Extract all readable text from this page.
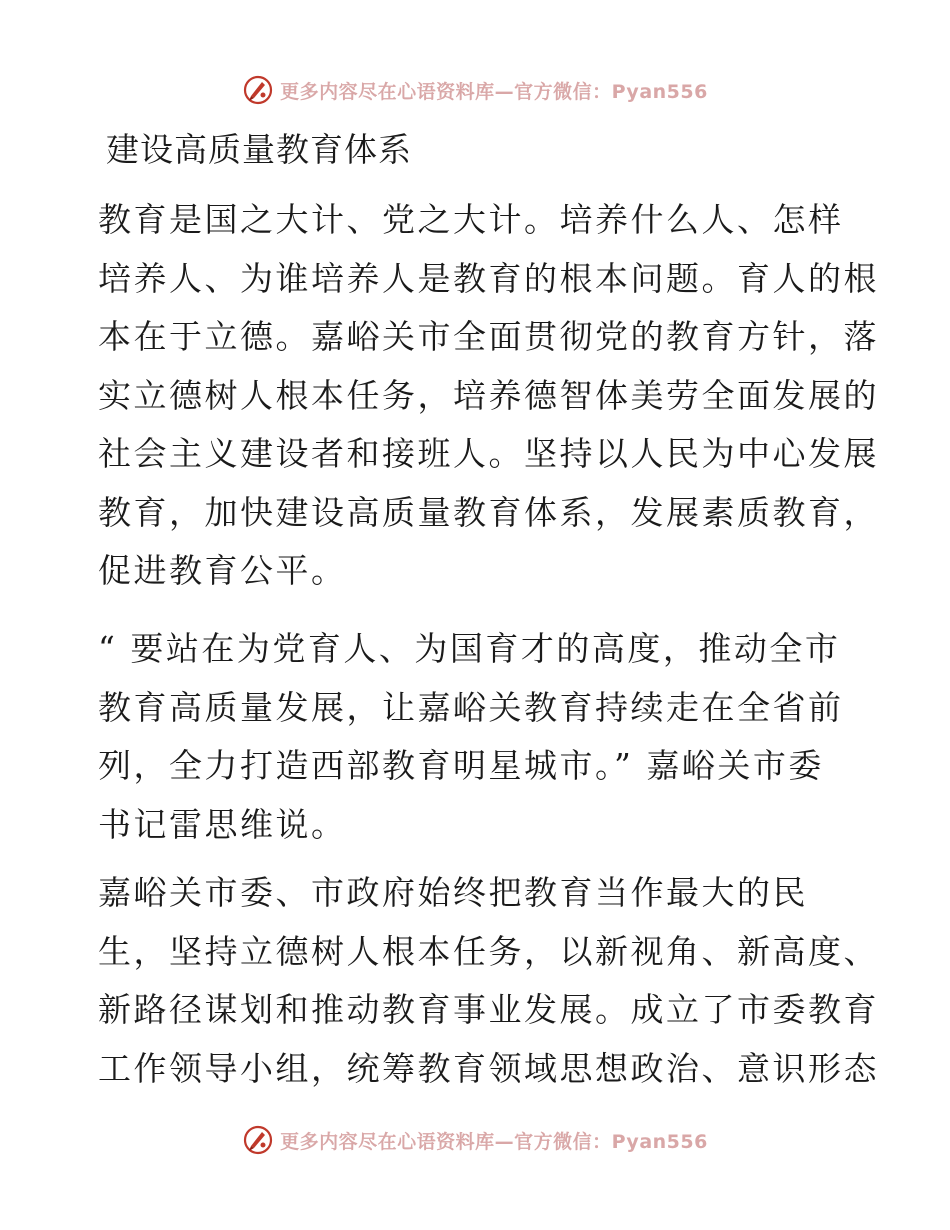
更多内容尽在心语资料库—官方微信：Pyan556
建设高质量教育体系

教育是国之大计、党之大计。培养什么人、怎样
培养人、为谁培养人是教育的根本问题。育人的根
本在于立德。嘉峪关市全面贯彻党的教育方针，落
实立德树人根本任务，培养德智体美劳全面发展的
社会主义建设者和接班人。坚持以人民为中心发展
教育，加快建设高质量教育体系，发展素质教育，
促进教育公平。

“ 要站在为党育人、为国育才的高度，推动全市
教育高质量发展，让嘉峪关教育持续走在全省前
列，全力打造西部教育明星城市。” 嘉峪关市委
书记雷思维说。

嘉峪关市委、市政府始终把教育当作最大的民
生，坚持立德树人根本任务，以新视角、新高度、
新路径谋划和推动教育事业发展。成立了市委教育
工作领导小组，统筹教育领域思想政治、意识形态

更多内容尽在心语资料库—官方微信：Pyan556
